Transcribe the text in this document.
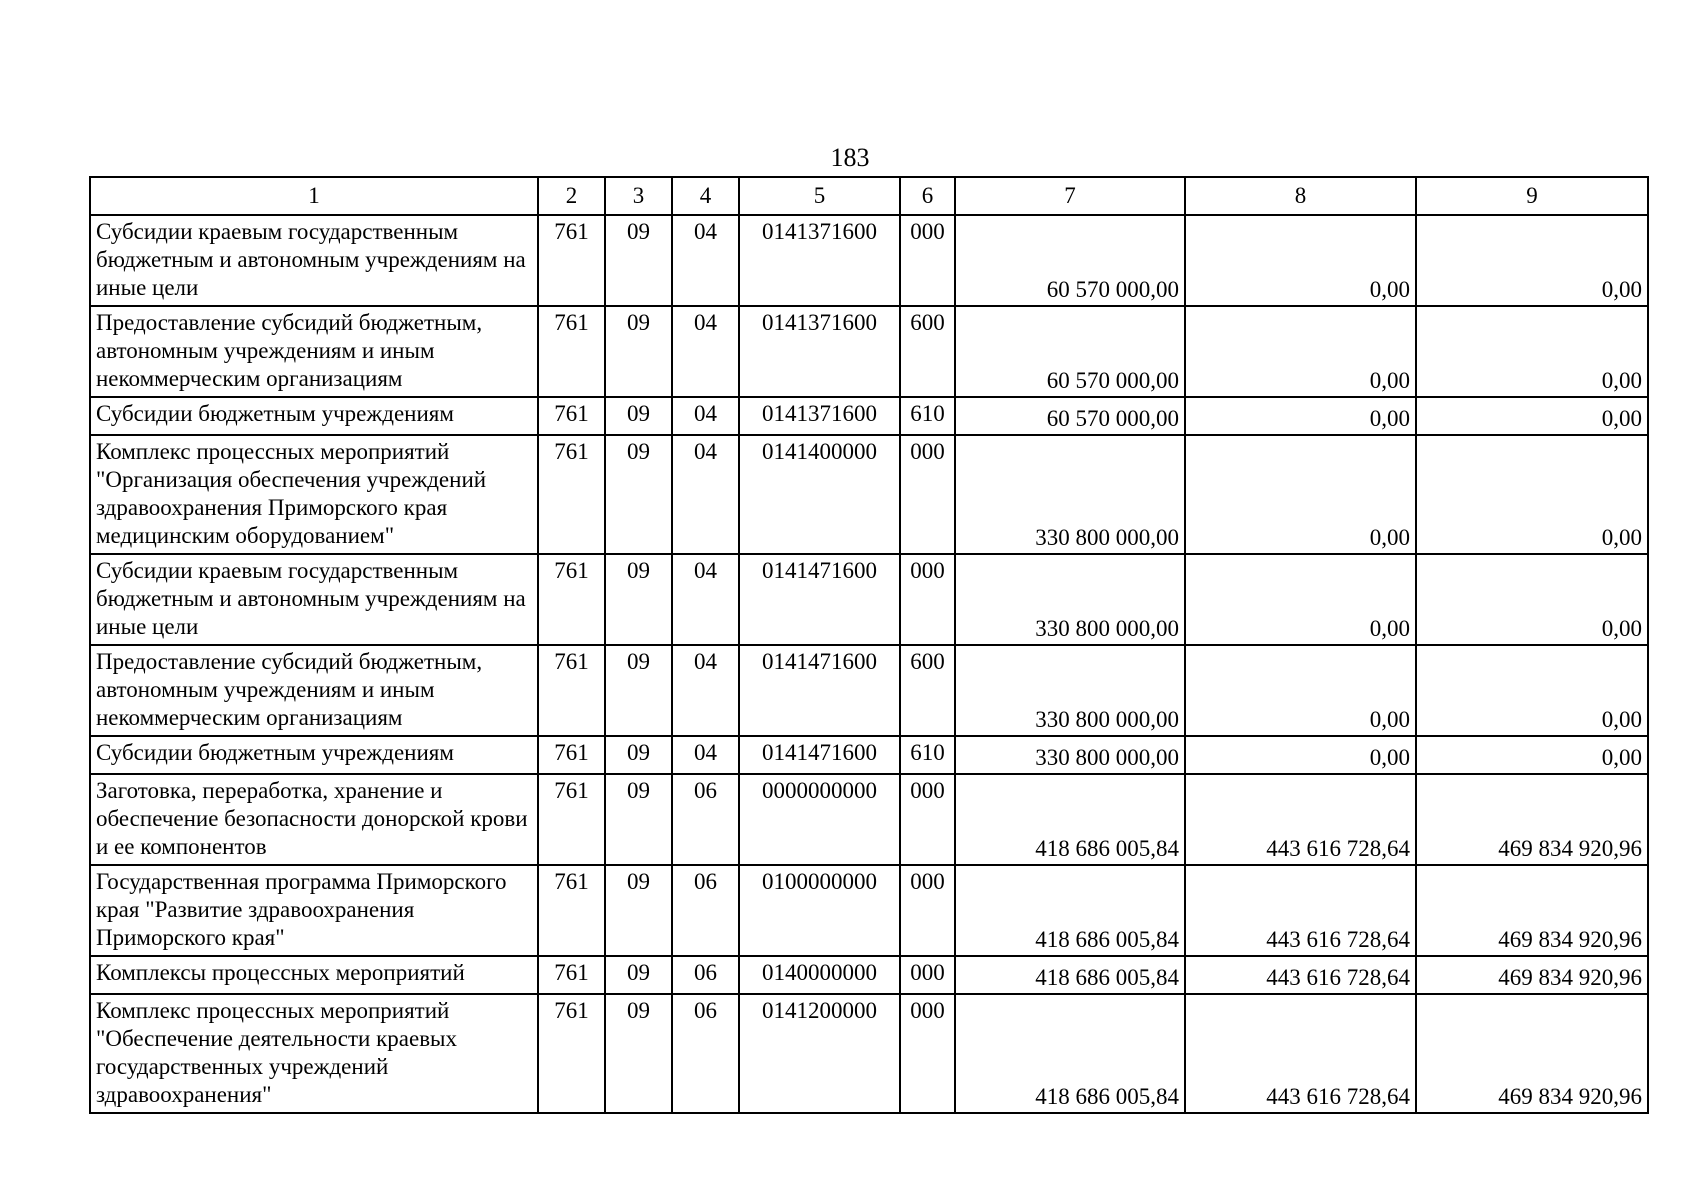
183
1	2	3	4	5	6	7	8	9
Субсидии краевым государственным бюджетным и автономным учреждениям на иные цели	761	09	04	0141371600	000	60 570 000,00	0,00	0,00
Предоставление субсидий бюджетным, автономным учреждениям и иным некоммерческим организациям	761	09	04	0141371600	600	60 570 000,00	0,00	0,00
Субсидии бюджетным учреждениям	761	09	04	0141371600	610	60 570 000,00	0,00	0,00
Комплекс процессных мероприятий "Организация обеспечения учреждений здравоохранения Приморского края медицинским оборудованием"	761	09	04	0141400000	000	330 800 000,00	0,00	0,00
Субсидии краевым государственным бюджетным и автономным учреждениям на иные цели	761	09	04	0141471600	000	330 800 000,00	0,00	0,00
Предоставление субсидий бюджетным, автономным учреждениям и иным некоммерческим организациям	761	09	04	0141471600	600	330 800 000,00	0,00	0,00
Субсидии бюджетным учреждениям	761	09	04	0141471600	610	330 800 000,00	0,00	0,00
Заготовка, переработка, хранение и обеспечение безопасности донорской крови и ее компонентов	761	09	06	0000000000	000	418 686 005,84	443 616 728,64	469 834 920,96
Государственная программа Приморского края "Развитие здравоохранения Приморского края"	761	09	06	0100000000	000	418 686 005,84	443 616 728,64	469 834 920,96
Комплексы процессных мероприятий	761	09	06	0140000000	000	418 686 005,84	443 616 728,64	469 834 920,96
Комплекс процессных мероприятий "Обеспечение деятельности краевых государственных учреждений здравоохранения"	761	09	06	0141200000	000	418 686 005,84	443 616 728,64	469 834 920,96
